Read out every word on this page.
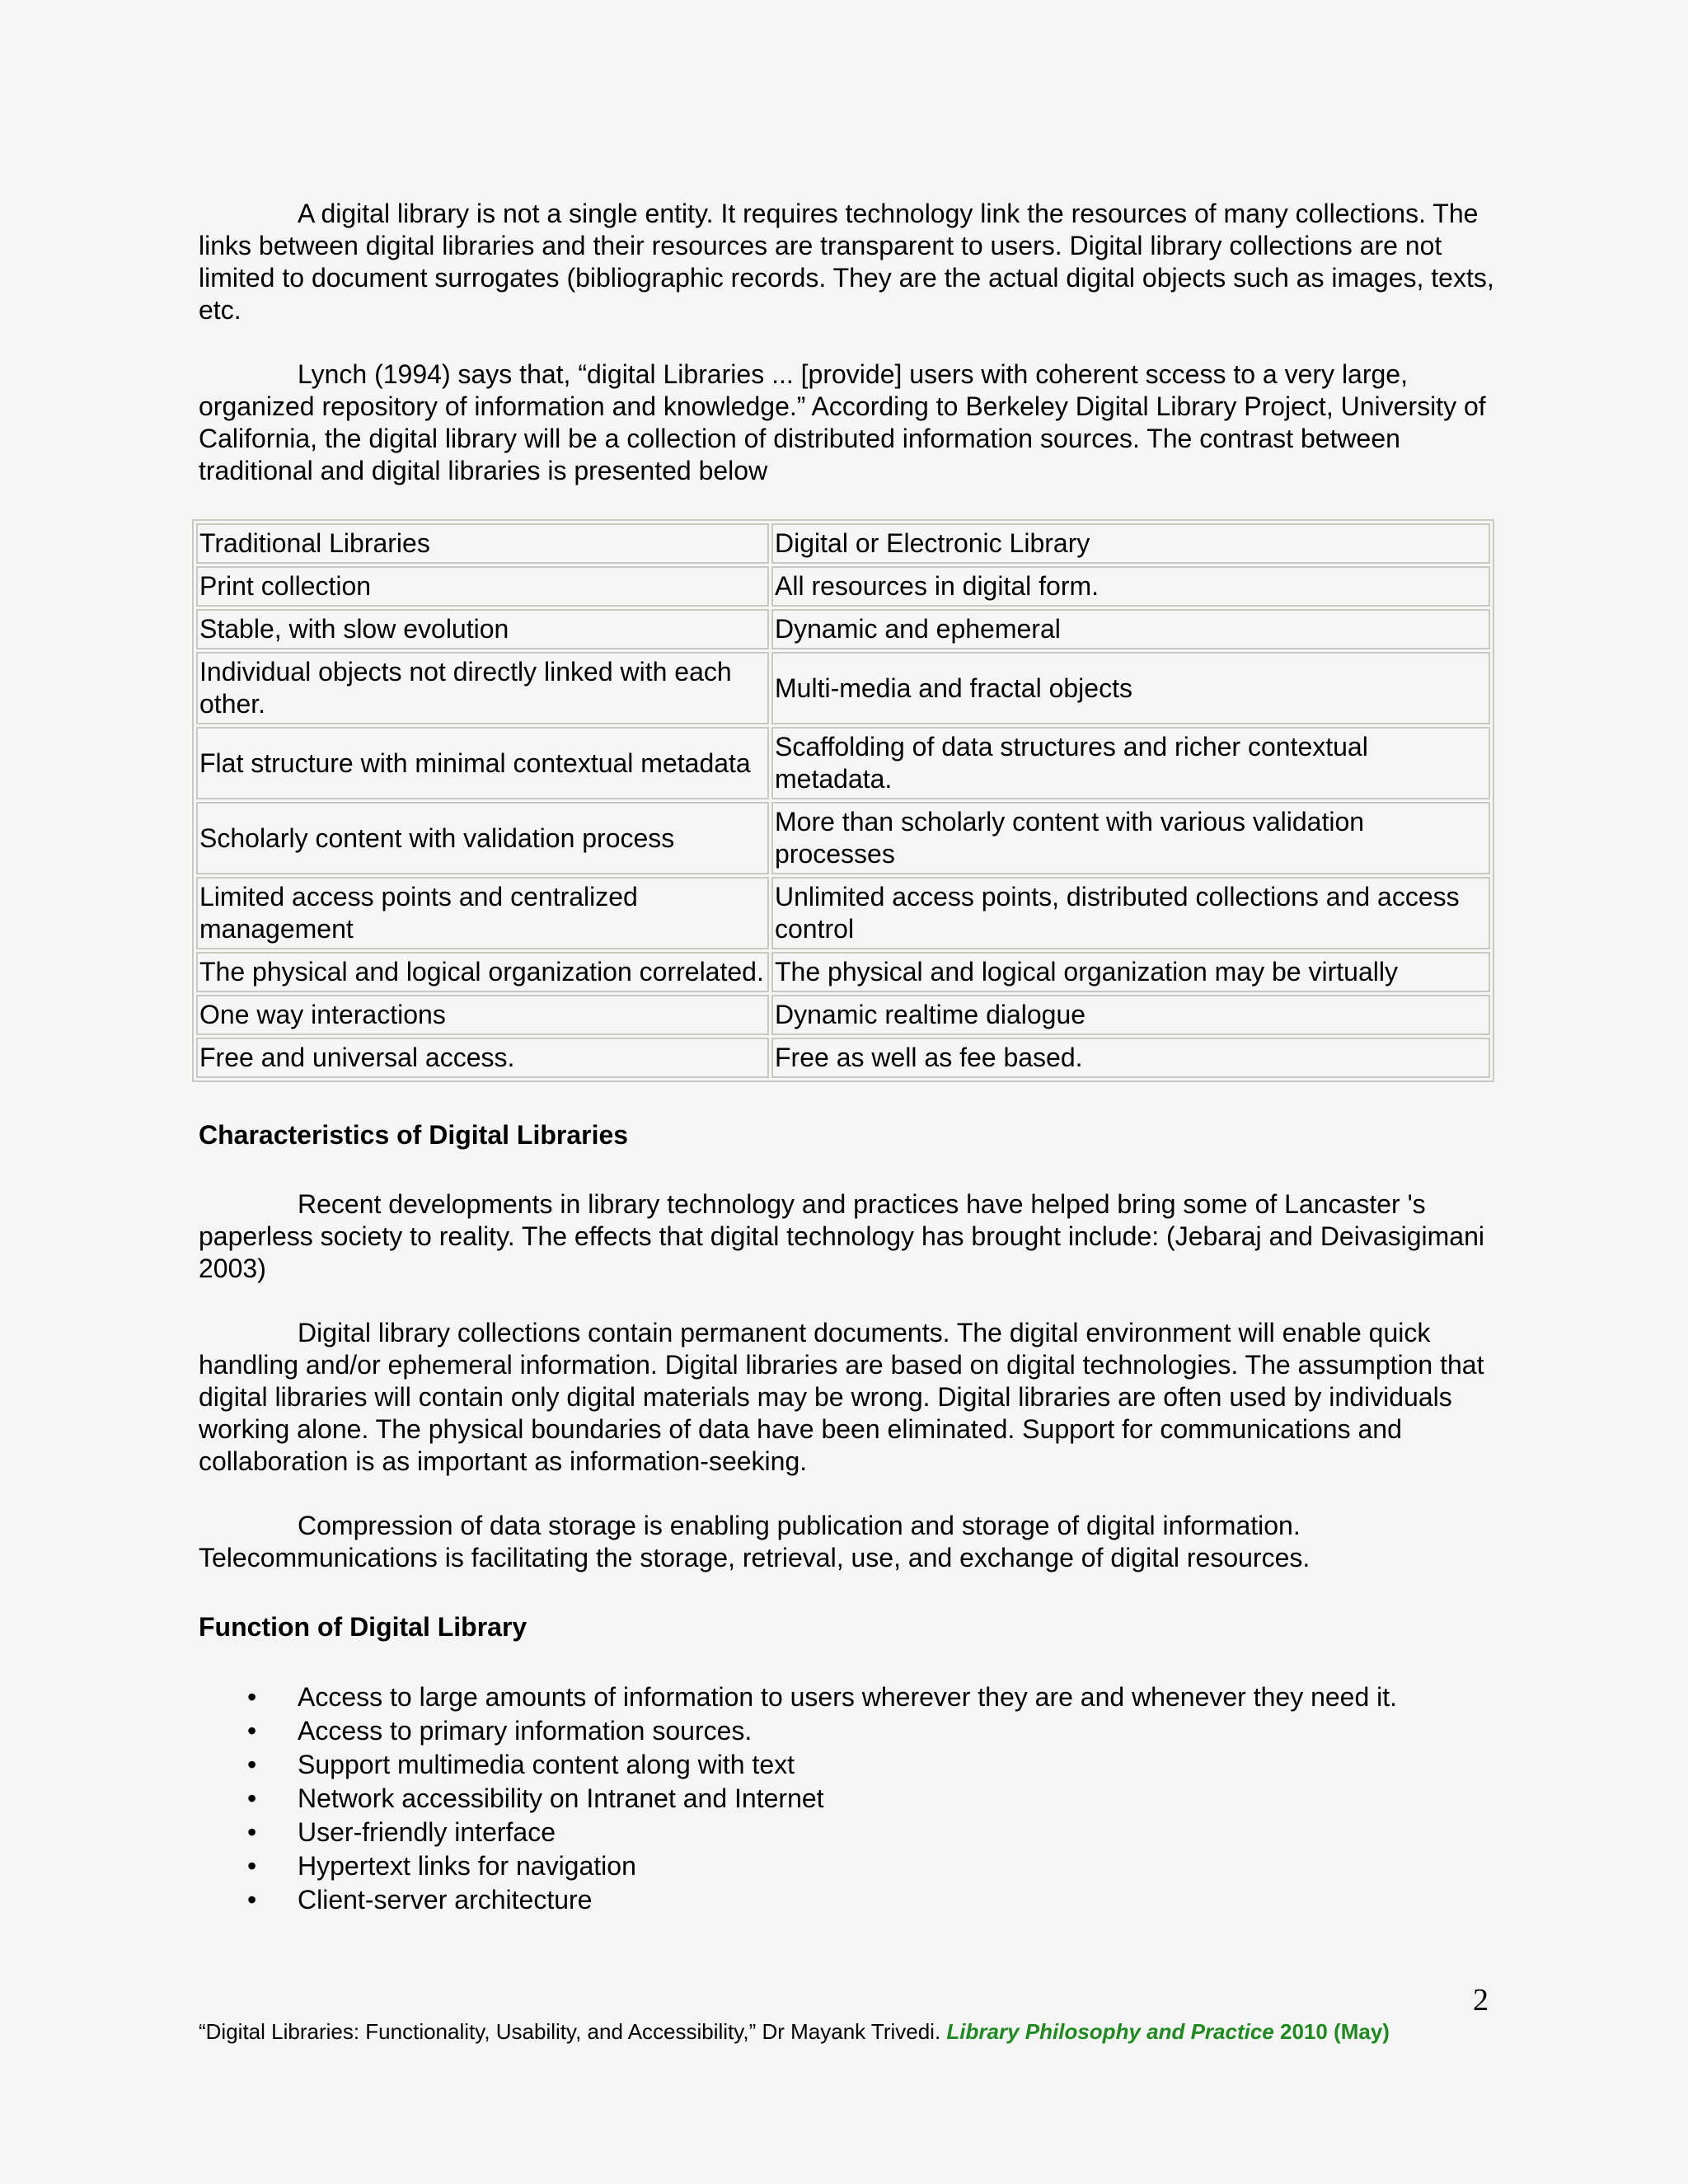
A digital library is not a single entity. It requires technology link the resources of many collections. The links between digital libraries and their resources are transparent to users. Digital library collections are not limited to document surrogates (bibliographic records. They are the actual digital objects such as images, texts, etc.

Lynch (1994) says that, “digital Libraries ... [provide] users with coherent sccess to a very large, organized repository of information and knowledge.” According to Berkeley Digital Library Project, University of California, the digital library will be a collection of distributed information sources. The contrast between traditional and digital libraries is presented below

Traditional Libraries	Digital or Electronic Library
Print collection	All resources in digital form.
Stable, with slow evolution	Dynamic and ephemeral
Individual objects not directly linked with each other.	Multi-media and fractal objects
Flat structure with minimal contextual metadata	Scaffolding of data structures and richer contextual metadata.
Scholarly content with validation process	More than scholarly content with various validation processes
Limited access points and centralized management	Unlimited access points, distributed collections and access control
The physical and logical organization correlated.	The physical and logical organization may be virtually
One way interactions	Dynamic realtime dialogue
Free and universal access.	Free as well as fee based.
Characteristics of Digital Libraries

Recent developments in library technology and practices have helped bring some of Lancaster 's paperless society to reality. The effects that digital technology has brought include: (Jebaraj and Deivasigimani 2003)

Digital library collections contain permanent documents. The digital environment will enable quick handling and/or ephemeral information. Digital libraries are based on digital technologies. The assumption that digital libraries will contain only digital materials may be wrong. Digital libraries are often used by individuals working alone. The physical boundaries of data have been eliminated. Support for communications and collaboration is as important as information-seeking.

Compression of data storage is enabling publication and storage of digital information. Telecommunications is facilitating the storage, retrieval, use, and exchange of digital resources.

Function of Digital Library
• Access to large amounts of information to users wherever they are and whenever they need it.
• Access to primary information sources.
• Support multimedia content along with text
• Network accessibility on Intranet and Internet
• User-friendly interface
• Hypertext links for navigation
• Client-server architecture
2
“Digital Libraries: Functionality, Usability, and Accessibility,” Dr Mayank Trivedi. Library Philosophy and Practice 2010 (May)
